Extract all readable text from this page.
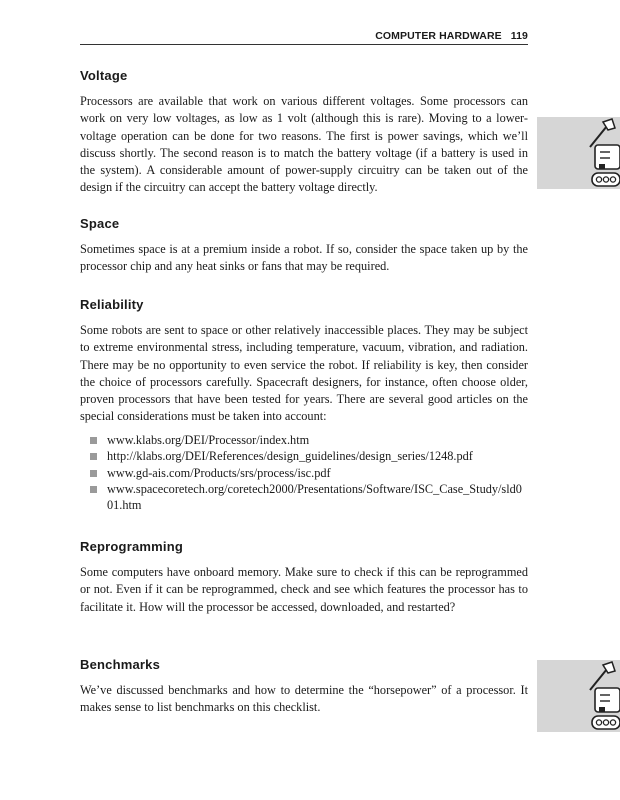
COMPUTER HARDWARE 119
Voltage

Processors are available that work on various different voltages. Some processors can work on very low voltages, as low as 1 volt (although this is rare). Moving to a lower-voltage operation can be done for two reasons. The first is power savings, which we’ll discuss shortly. The second reason is to match the battery voltage (if a battery is used in the system). A considerable amount of power-supply circuitry can be taken out of the design if the circuitry can accept the battery voltage directly.

Space

Sometimes space is at a premium inside a robot. If so, consider the space taken up by the processor chip and any heat sinks or fans that may be required.

Reliability

Some robots are sent to space or other relatively inaccessible places. They may be subject to extreme environmental stress, including temperature, vacuum, vibration, and radiation. There may be no opportunity to even service the robot. If reliability is key, then consider the choice of processors carefully. Spacecraft designers, for instance, often choose older, proven processors that have been tested for years. There are several good articles on the special considerations must be taken into account:

www.klabs.org/DEI/Processor/index.htm
http://klabs.org/DEI/References/design_guidelines/design_series/1248.pdf
www.gd-ais.com/Products/srs/process/isc.pdf
www.spacecoretech.org/coretech2000/Presentations/Software/ISC_Case_Study/sld001.htm
Reprogramming

Some computers have onboard memory. Make sure to check if this can be reprogrammed or not. Even if it can be reprogrammed, check and see which features the processor has to facilitate it. How will the processor be accessed, downloaded, and restarted?

Benchmarks

We’ve discussed benchmarks and how to determine the “horsepower” of a processor. It makes sense to list benchmarks on this checklist.
